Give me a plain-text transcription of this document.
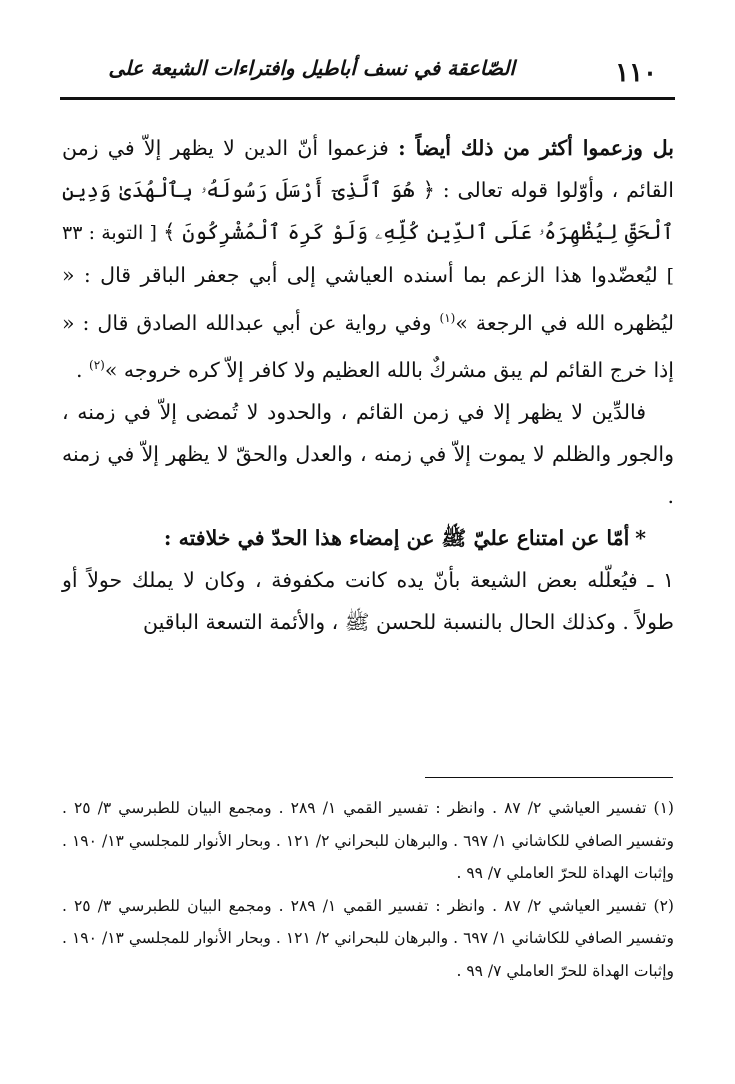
١١٠
الصّاعقة في نسف أباطيل وافتراءات الشيعة على

بل وزعموا أكثر من ذلك أيضاً : فزعموا أنّ الدين لا يظهر إلاّ في زمن القائم ، وأوّلوا قوله تعالى : ﴿ هُوَ ٱلَّذِىٓ أَرْسَلَ رَسُولَهُۥ بِٱلْهُدَىٰ وَدِينِ ٱلْحَقِّ لِيُظْهِرَهُۥ عَلَى ٱلدِّينِ كُلِّهِۦ وَلَوْ كَرِهَ ٱلْمُشْرِكُونَ ﴾ [ التوبة : ٣٣ ] ليُعضّدوا هذا الزعم بما أسنده العياشي إلى أبي جعفر الباقر قال : « ليُظهره الله في الرجعة »$^{(١)}$ وفي رواية عن أبي عبدالله الصادق قال : « إذا خرج القائم لم يبق مشركٌ بالله العظيم ولا كافر إلاّ كره خروجه »$^{(٢)}$ .

فالدِّين لا يظهر إلا في زمن القائم ، والحدود لا تُمضى إلاّ في زمنه ، والجور والظلم لا يموت إلاّ في زمنه ، والعدل والحقّ لا يظهر إلاّ في زمنه .

*أمّا عن امتناع عليّ ﷺ عن إمضاء هذا الحدّ في خلافته :

١ ـ فيُعلّله بعض الشيعة بأنّ يده كانت مكفوفة ، وكان لا يملك حولاً أو طولاً . وكذلك الحال بالنسبة للحسن ﷺ ، والأئمة التسعة الباقين

(١) تفسير العياشي ٢/ ٨٧ . وانظر : تفسير القمي ١/ ٢٨٩ . ومجمع البيان للطبرسي ٣/ ٢٥ . وتفسير الصافي للكاشاني ١/ ٦٩٧ . والبرهان للبحراني ٢/ ١٢١ . وبحار الأنوار للمجلسي ١٣/ ١٩٠ . وإثبات الهداة للحرّ العاملي ٧/ ٩٩ .

(٢) تفسير العياشي ٢/ ٨٧ . وانظر : تفسير القمي ١/ ٢٨٩ . ومجمع البيان للطبرسي ٣/ ٢٥ . وتفسير الصافي للكاشاني ١/ ٦٩٧ . والبرهان للبحراني ٢/ ١٢١ . وبحار الأنوار للمجلسي ١٣/ ١٩٠ . وإثبات الهداة للحرّ العاملي ٧/ ٩٩ .
